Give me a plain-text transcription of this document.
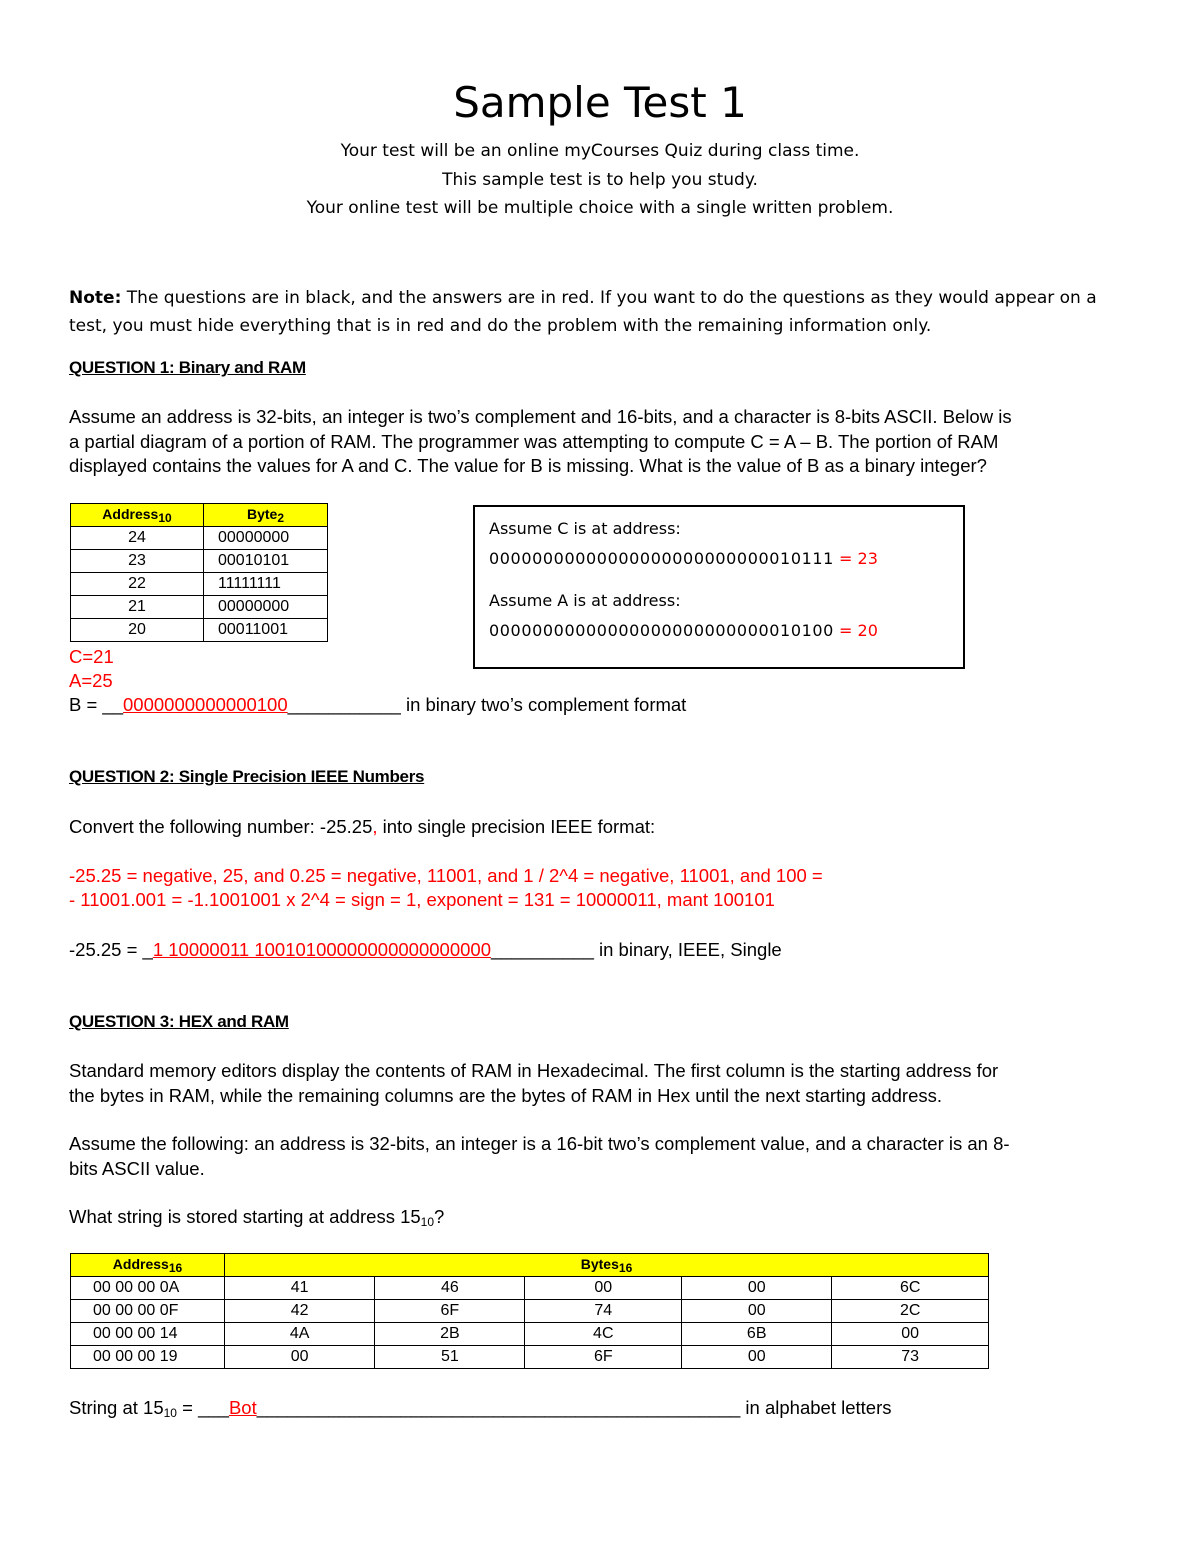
Sample Test 1
Your test will be an online myCourses Quiz during class time.
This sample test is to help you study.
Your online test will be multiple choice with a single written problem.
Note: The questions are in black, and the answers are in red. If you want to do the questions as they would appear on a
test, you must hide everything that is in red and do the problem with the remaining information only.
QUESTION 1: Binary and RAM
Assume an address is 32-bits, an integer is two’s complement and 16-bits, and a character is 8-bits ASCII. Below is
a partial diagram of a portion of RAM. The programmer was attempting to compute C = A – B. The portion of RAM
displayed contains the values for A and C. The value for B is missing. What is the value of B as a binary integer?
Address10	Byte2
24	00000000
23	00010101
22	11111111
21	00000000
20	00011001
Assume C is at address:
00000000000000000000000000010111 = 23
Assume A is at address:
00000000000000000000000000010100 = 20
C=21
A=25
B = __0000000000000100___________ in binary two’s complement format
QUESTION 2: Single Precision IEEE Numbers
Convert the following number: -25.25, into single precision IEEE format:
-25.25 = negative, 25, and 0.25 = negative, 11001, and 1 / 2^4 = negative, 11001, and 100 =
- 11001.001 = -1.1001001 x 2^4 = sign = 1, exponent = 131 = 10000011, mant 100101
-25.25 = _1 10000011 10010100000000000000000__________ in binary, IEEE, Single
QUESTION 3: HEX and RAM
Standard memory editors display the contents of RAM in Hexadecimal. The first column is the starting address for
the bytes in RAM, while the remaining columns are the bytes of RAM in Hex until the next starting address.
Assume the following: an address is 32-bits, an integer is a 16-bit two’s complement value, and a character is an 8-
bits ASCII value.
What string is stored starting at address 1510?
Address16	Bytes16				
00 00 00 0A	41	46	00	00	6C
00 00 00 0F	42	6F	74	00	2C
00 00 00 14	4A	2B	4C	6B	00
00 00 00 19	00	51	6F	00	73
String at 1510 = ___Bot_______________________________________________ in alphabet letters
